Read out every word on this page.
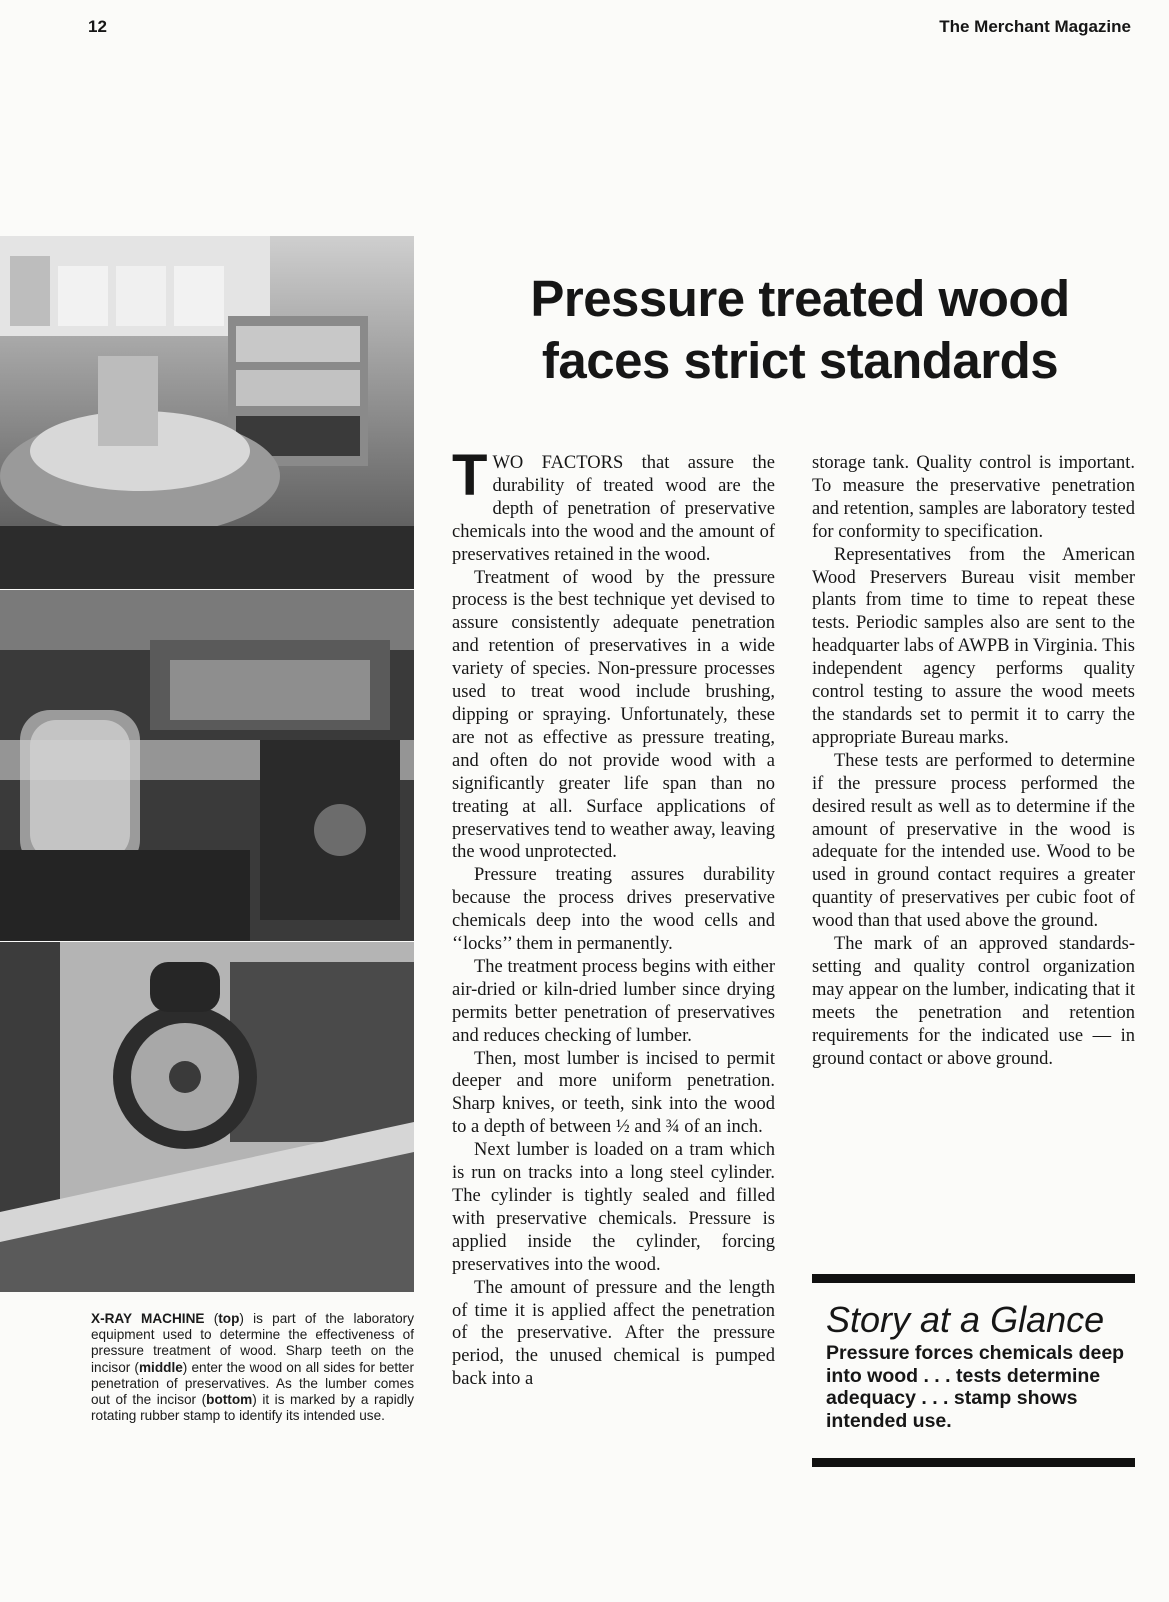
12	The Merchant Magazine
X-RAY MACHINE (top) is part of the laboratory equipment used to determine the effectiveness of pressure treatment of wood. Sharp teeth on the incisor (middle) enter the wood on all sides for better penetration of preservatives. As the lumber comes out of the incisor (bottom) it is marked by a rapidly rotating rubber stamp to identify its intended use.
Pressure treated wood
faces strict standards

TWO FACTORS that assure the durability of treated wood are the depth of penetration of preservative chemicals into the wood and the amount of preservatives retained in the wood.

Treatment of wood by the pressure process is the best technique yet devised to assure consistently adequate penetration and retention of preservatives in a wide variety of species. Non-pressure processes used to treat wood include brushing, dipping or spraying. Unfortunately, these are not as effective as pressure treating, and often do not provide wood with a significantly greater life span than no treating at all. Surface applications of preservatives tend to weather away, leaving the wood unprotected.

Pressure treating assures durability because the process drives preservative chemicals deep into the wood cells and ‘‘locks’’ them in permanently.

The treatment process begins with either air-dried or kiln-dried lumber since drying permits better penetration of preservatives and reduces checking of lumber.

Then, most lumber is incised to permit deeper and more uniform penetration. Sharp knives, or teeth, sink into the wood to a depth of between ½ and ¾ of an inch.

Next lumber is loaded on a tram which is run on tracks into a long steel cylinder. The cylinder is tightly sealed and filled with preservative chemicals. Pressure is applied inside the cylinder, forcing preservatives into the wood.

The amount of pressure and the length of time it is applied affect the penetration of the preservative. After the pressure period, the unused chemical is pumped back into a

storage tank. Quality control is important. To measure the preservative penetration and retention, samples are laboratory tested for conformity to specification.

Representatives from the American Wood Preservers Bureau visit member plants from time to time to repeat these tests. Periodic samples also are sent to the headquarter labs of AWPB in Virginia. This independent agency performs quality control testing to assure the wood meets the standards set to permit it to carry the appropriate Bureau marks.

These tests are performed to determine if the pressure process performed the desired result as well as to determine if the amount of preservative in the wood is adequate for the intended use. Wood to be used in ground contact requires a greater quantity of preservatives per cubic foot of wood than that used above the ground.

The mark of an approved standards-setting and quality control organization may appear on the lumber, indicating that it meets the penetration and retention requirements for the indicated use — in ground contact or above ground.

Story at a Glance
Pressure forces chemicals deep into wood . . . tests determine adequacy . . . stamp shows intended use.
